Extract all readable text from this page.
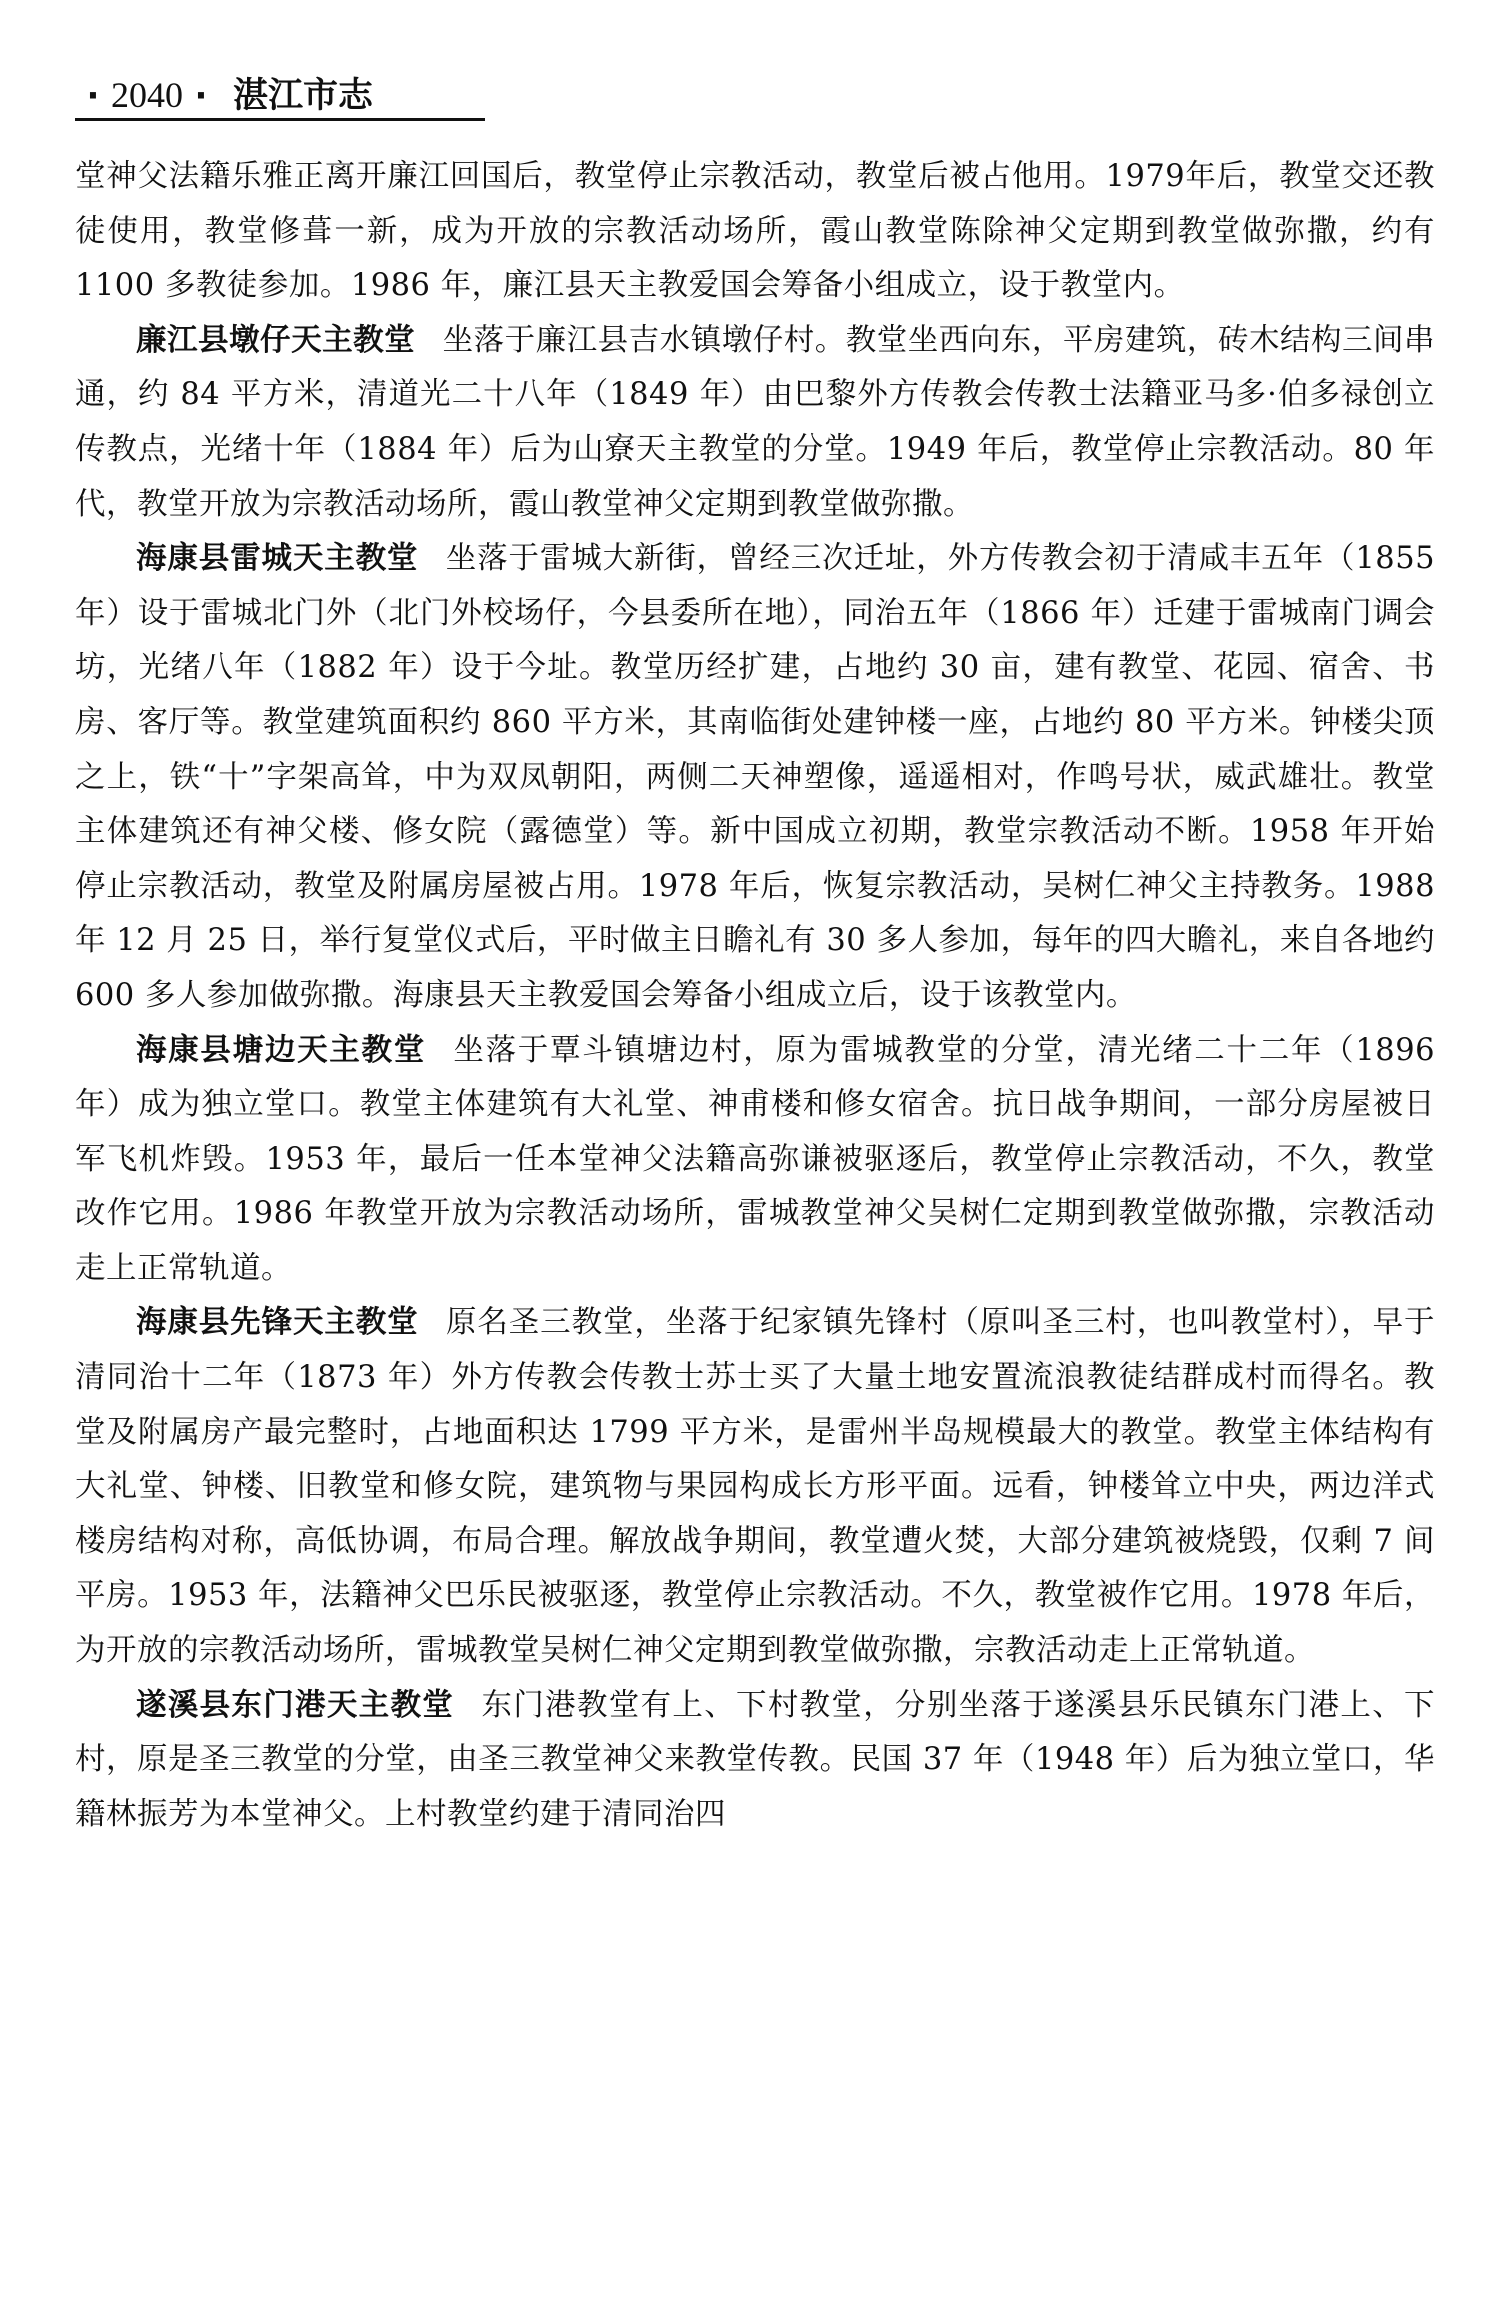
· 2040 · 湛江市志

堂神父法籍乐雅正离开廉江回国后，教堂停止宗教活动，教堂后被占他用。1979年后，教堂交还教徒使用，教堂修葺一新，成为开放的宗教活动场所，霞山教堂陈除神父定期到教堂做弥撒，约有 1100 多教徒参加。1986 年，廉江县天主教爱国会筹备小组成立，设于教堂内。

廉江县墩仔天主教堂 坐落于廉江县吉水镇墩仔村。教堂坐西向东，平房建筑，砖木结构三间串通，约 84 平方米，清道光二十八年（1849 年）由巴黎外方传教会传教士法籍亚马多·伯多禄创立传教点，光绪十年（1884 年）后为山寮天主教堂的分堂。1949 年后，教堂停止宗教活动。80 年代，教堂开放为宗教活动场所，霞山教堂神父定期到教堂做弥撒。

海康县雷城天主教堂 坐落于雷城大新街，曾经三次迁址，外方传教会初于清咸丰五年（1855 年）设于雷城北门外（北门外校场仔，今县委所在地），同治五年（1866 年）迁建于雷城南门调会坊，光绪八年（1882 年）设于今址。教堂历经扩建，占地约 30 亩，建有教堂、花园、宿舍、书房、客厅等。教堂建筑面积约 860 平方米，其南临街处建钟楼一座，占地约 80 平方米。钟楼尖顶之上，铁“十”字架高耸，中为双凤朝阳，两侧二天神塑像，遥遥相对，作鸣号状，威武雄壮。教堂主体建筑还有神父楼、修女院（露德堂）等。新中国成立初期，教堂宗教活动不断。1958 年开始停止宗教活动，教堂及附属房屋被占用。1978 年后，恢复宗教活动，吴树仁神父主持教务。1988 年 12 月 25 日，举行复堂仪式后，平时做主日瞻礼有 30 多人参加，每年的四大瞻礼，来自各地约 600 多人参加做弥撒。海康县天主教爱国会筹备小组成立后，设于该教堂内。

海康县塘边天主教堂 坐落于覃斗镇塘边村，原为雷城教堂的分堂，清光绪二十二年（1896 年）成为独立堂口。教堂主体建筑有大礼堂、神甫楼和修女宿舍。抗日战争期间，一部分房屋被日军飞机炸毁。1953 年，最后一任本堂神父法籍高弥谦被驱逐后，教堂停止宗教活动，不久，教堂改作它用。1986 年教堂开放为宗教活动场所，雷城教堂神父吴树仁定期到教堂做弥撒，宗教活动走上正常轨道。

海康县先锋天主教堂 原名圣三教堂，坐落于纪家镇先锋村（原叫圣三村，也叫教堂村），早于清同治十二年（1873 年）外方传教会传教士苏士买了大量土地安置流浪教徒结群成村而得名。教堂及附属房产最完整时，占地面积达 1799 平方米，是雷州半岛规模最大的教堂。教堂主体结构有大礼堂、钟楼、旧教堂和修女院，建筑物与果园构成长方形平面。远看，钟楼耸立中央，两边洋式楼房结构对称，高低协调，布局合理。解放战争期间，教堂遭火焚，大部分建筑被烧毁，仅剩 7 间平房。1953 年，法籍神父巴乐民被驱逐，教堂停止宗教活动。不久，教堂被作它用。1978 年后，为开放的宗教活动场所，雷城教堂吴树仁神父定期到教堂做弥撒，宗教活动走上正常轨道。

遂溪县东门港天主教堂 东门港教堂有上、下村教堂，分别坐落于遂溪县乐民镇东门港上、下村，原是圣三教堂的分堂，由圣三教堂神父来教堂传教。民国 37 年（1948 年）后为独立堂口，华籍林振芳为本堂神父。上村教堂约建于清同治四
